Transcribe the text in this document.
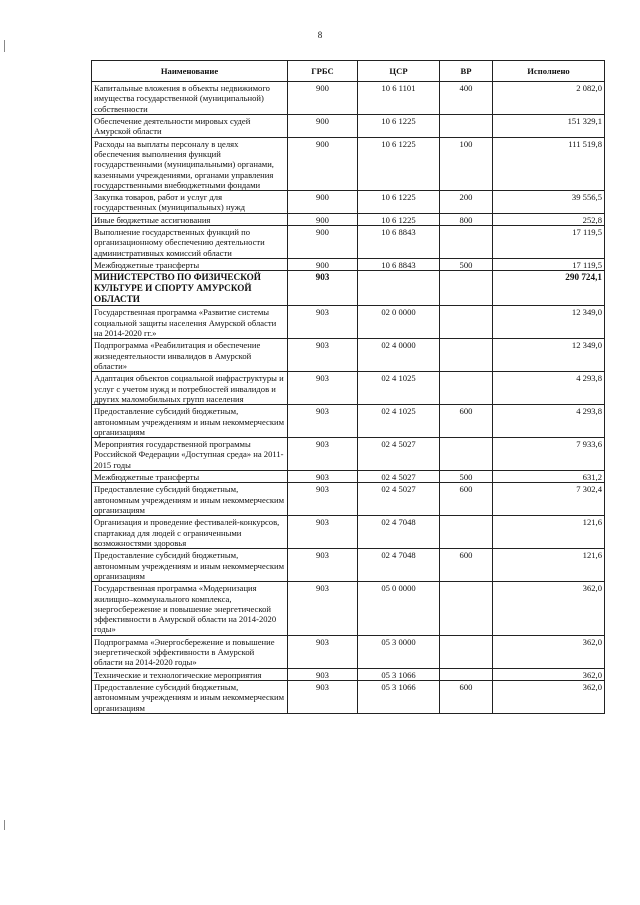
8
Наименование	ГРБС	ЦСР	ВР	Исполнено
Капитальные вложения в объекты недвижимого имущества государственной (муниципальной) собственности	900	10 6 1101	400	2 082,0
Обеспечение деятельности мировых судей Амурской области	900	10 6 1225		151 329,1
Расходы на выплаты персоналу в целях обеспечения выполнения функций государственными (муниципальными) органами, казенными учреждениями, органами управления государственными внебюджетными фондами	900	10 6 1225	100	111 519,8
Закупка товаров, работ и услуг для государственных (муниципальных) нужд	900	10 6 1225	200	39 556,5
Иные бюджетные ассигнования	900	10 6 1225	800	252,8
Выполнение государственных функций по организационному обеспечению деятельности административных комиссий области	900	10 6 8843		17 119,5
Межбюджетные трансферты	900	10 6 8843	500	17 119,5
МИНИСТЕРСТВО ПО ФИЗИЧЕСКОЙ КУЛЬТУРЕ И СПОРТУ АМУРСКОЙ ОБЛАСТИ	903			290 724,1
Государственная программа «Развитие системы социальной защиты населения Амурской области на 2014-2020 гг.»	903	02 0 0000		12 349,0
Подпрограмма «Реабилитация и обеспечение жизнедеятельности инвалидов в Амурской области»	903	02 4 0000		12 349,0
Адаптация объектов социальной инфраструктуры и услуг с учетом нужд и потребностей инвалидов и других маломобильных групп населения	903	02 4 1025		4 293,8
Предоставление субсидий бюджетным, автономным учреждениям и иным некоммерческим организациям	903	02 4 1025	600	4 293,8
Мероприятия государственной программы Российской Федерации «Доступная среда» на 2011-2015 годы	903	02 4 5027		7 933,6
Межбюджетные трансферты	903	02 4 5027	500	631,2
Предоставление субсидий бюджетным, автономным учреждениям и иным некоммерческим организациям	903	02 4 5027	600	7 302,4
Организация и проведение фестивалей-конкурсов, спартакиад для людей с ограниченными возможностями здоровья	903	02 4 7048		121,6
Предоставление субсидий бюджетным, автономным учреждениям и иным некоммерческим организациям	903	02 4 7048	600	121,6
Государственная программа «Модернизация жилищно–коммунального комплекса, энергосбережение и повышение энергетической эффективности в Амурской области на 2014-2020 годы»	903	05 0 0000		362,0
Подпрограмма «Энергосбережение и повышение энергетической эффективности в Амурской области на 2014-2020 годы»	903	05 3 0000		362,0
Технические и технологические мероприятия	903	05 3 1066		362,0
Предоставление субсидий бюджетным, автономным учреждениям и иным некоммерческим организациям	903	05 3 1066	600	362,0
